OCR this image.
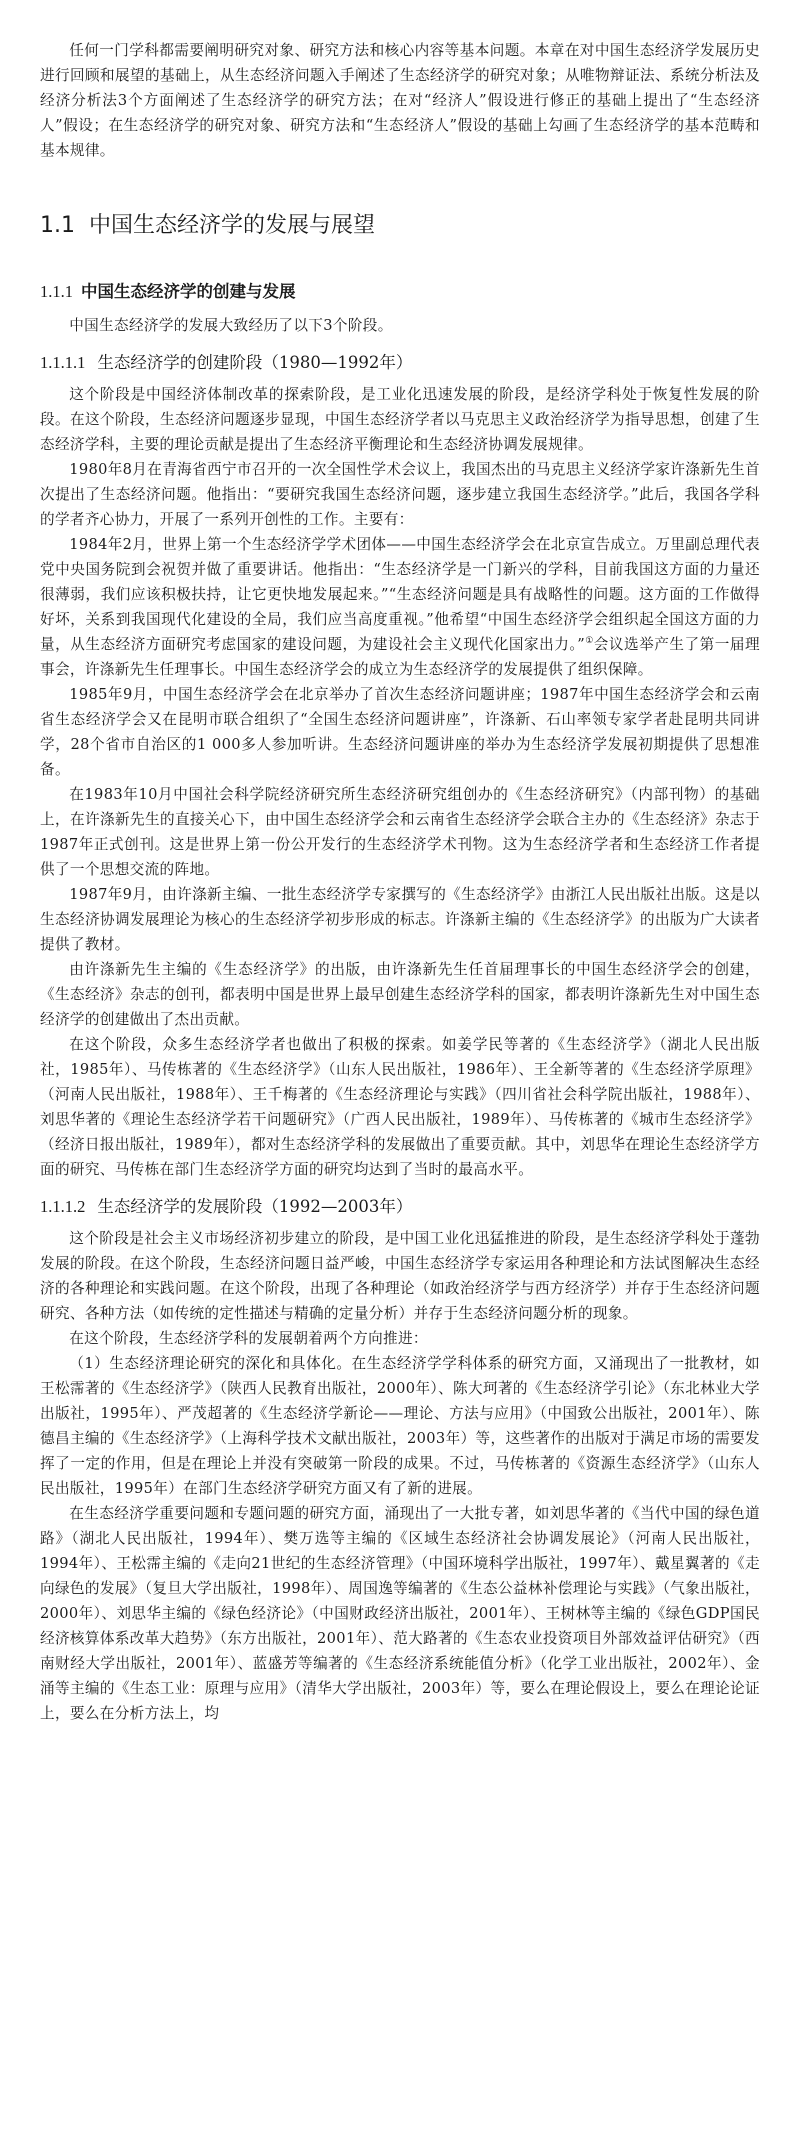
任何一门学科都需要阐明研究对象、研究方法和核心内容等基本问题。本章在对中国生态经济学发展历史进行回顾和展望的基础上，从生态经济问题入手阐述了生态经济学的研究对象；从唯物辩证法、系统分析法及经济分析法3个方面阐述了生态经济学的研究方法；在对“经济人”假设进行修正的基础上提出了“生态经济人”假设；在生态经济学的研究对象、研究方法和“生态经济人”假设的基础上勾画了生态经济学的基本范畴和基本规律。

1.1 中国生态经济学的发展与展望
1.1.1 中国生态经济学的创建与发展

中国生态经济学的发展大致经历了以下3个阶段。

1.1.1.1 生态经济学的创建阶段（1980—1992年）

这个阶段是中国经济体制改革的探索阶段，是工业化迅速发展的阶段，是经济学科处于恢复性发展的阶段。在这个阶段，生态经济问题逐步显现，中国生态经济学者以马克思主义政治经济学为指导思想，创建了生态经济学科，主要的理论贡献是提出了生态经济平衡理论和生态经济协调发展规律。

1980年8月在青海省西宁市召开的一次全国性学术会议上，我国杰出的马克思主义经济学家许涤新先生首次提出了生态经济问题。他指出：“要研究我国生态经济问题，逐步建立我国生态经济学。”此后，我国各学科的学者齐心协力，开展了一系列开创性的工作。主要有：

1984年2月，世界上第一个生态经济学学术团体——中国生态经济学会在北京宣告成立。万里副总理代表党中央国务院到会祝贺并做了重要讲话。他指出：“生态经济学是一门新兴的学科，目前我国这方面的力量还很薄弱，我们应该积极扶持，让它更快地发展起来。”“生态经济问题是具有战略性的问题。这方面的工作做得好坏，关系到我国现代化建设的全局，我们应当高度重视。”他希望“中国生态经济学会组织起全国这方面的力量，从生态经济方面研究考虑国家的建设问题，为建设社会主义现代化国家出力。”①会议选举产生了第一届理事会，许涤新先生任理事长。中国生态经济学会的成立为生态经济学的发展提供了组织保障。

1985年9月，中国生态经济学会在北京举办了首次生态经济问题讲座；1987年中国生态经济学会和云南省生态经济学会又在昆明市联合组织了“全国生态经济问题讲座”，许涤新、石山率领专家学者赴昆明共同讲学，28个省市自治区的1 000多人参加听讲。生态经济问题讲座的举办为生态经济学发展初期提供了思想准备。

在1983年10月中国社会科学院经济研究所生态经济研究组创办的《生态经济研究》（内部刊物）的基础上，在许涤新先生的直接关心下，由中国生态经济学会和云南省生态经济学会联合主办的《生态经济》杂志于1987年正式创刊。这是世界上第一份公开发行的生态经济学术刊物。这为生态经济学者和生态经济工作者提供了一个思想交流的阵地。

1987年9月，由许涤新主编、一批生态经济学专家撰写的《生态经济学》由浙江人民出版社出版。这是以生态经济协调发展理论为核心的生态经济学初步形成的标志。许涤新主编的《生态经济学》的出版为广大读者提供了教材。

由许涤新先生主编的《生态经济学》的出版，由许涤新先生任首届理事长的中国生态经济学会的创建，《生态经济》杂志的创刊，都表明中国是世界上最早创建生态经济学科的国家，都表明许涤新先生对中国生态经济学的创建做出了杰出贡献。

在这个阶段，众多生态经济学者也做出了积极的探索。如姜学民等著的《生态经济学》（湖北人民出版社，1985年）、马传栋著的《生态经济学》（山东人民出版社，1986年）、王全新等著的《生态经济学原理》（河南人民出版社，1988年）、王千梅著的《生态经济理论与实践》（四川省社会科学院出版社，1988年）、刘思华著的《理论生态经济学若干问题研究》（广西人民出版社，1989年）、马传栋著的《城市生态经济学》（经济日报出版社，1989年），都对生态经济学科的发展做出了重要贡献。其中，刘思华在理论生态经济学方面的研究、马传栋在部门生态经济学方面的研究均达到了当时的最高水平。

1.1.1.2 生态经济学的发展阶段（1992—2003年）

这个阶段是社会主义市场经济初步建立的阶段，是中国工业化迅猛推进的阶段，是生态经济学科处于蓬勃发展的阶段。在这个阶段，生态经济问题日益严峻，中国生态经济学专家运用各种理论和方法试图解决生态经济的各种理论和实践问题。在这个阶段，出现了各种理论（如政治经济学与西方经济学）并存于生态经济问题研究、各种方法（如传统的定性描述与精确的定量分析）并存于生态经济问题分析的现象。

在这个阶段，生态经济学科的发展朝着两个方向推进：

（1）生态经济理论研究的深化和具体化。在生态经济学学科体系的研究方面，又涌现出了一批教材，如王松霈著的《生态经济学》（陕西人民教育出版社，2000年）、陈大珂著的《生态经济学引论》（东北林业大学出版社，1995年）、严茂超著的《生态经济学新论——理论、方法与应用》（中国致公出版社，2001年）、陈德昌主编的《生态经济学》（上海科学技术文献出版社，2003年）等，这些著作的出版对于满足市场的需要发挥了一定的作用，但是在理论上并没有突破第一阶段的成果。不过，马传栋著的《资源生态经济学》（山东人民出版社，1995年）在部门生态经济学研究方面又有了新的进展。

在生态经济学重要问题和专题问题的研究方面，涌现出了一大批专著，如刘思华著的《当代中国的绿色道路》（湖北人民出版社，1994年）、樊万选等主编的《区域生态经济社会协调发展论》（河南人民出版社，1994年）、王松霈主编的《走向21世纪的生态经济管理》（中国环境科学出版社，1997年）、戴星翼著的《走向绿色的发展》（复旦大学出版社，1998年）、周国逸等编著的《生态公益林补偿理论与实践》（气象出版社，2000年）、刘思华主编的《绿色经济论》（中国财政经济出版社，2001年）、王树林等主编的《绿色GDP国民经济核算体系改革大趋势》（东方出版社，2001年）、范大路著的《生态农业投资项目外部效益评估研究》（西南财经大学出版社，2001年）、蓝盛芳等编著的《生态经济系统能值分析》（化学工业出版社，2002年）、金涌等主编的《生态工业：原理与应用》（清华大学出版社，2003年）等，要么在理论假设上，要么在理论论证上，要么在分析方法上，均
